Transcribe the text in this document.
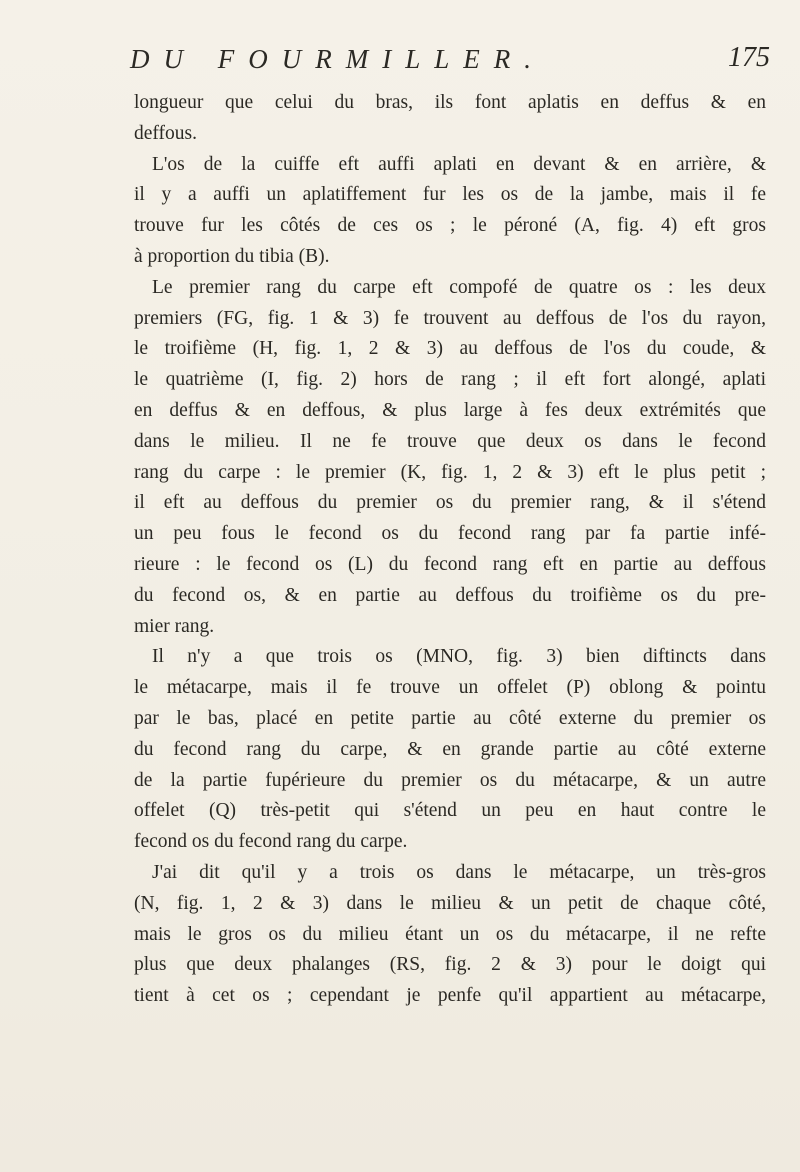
DU FOURMILLER.	175
longueur que celui du bras, ils font aplatis en deffus & en
deffous.
L'os de la cuiffe eft auffi aplati en devant & en arrière, &
il y a auffi un aplatiffement fur les os de la jambe, mais il fe
trouve fur les côtés de ces os ; le péroné (A, fig. 4) eft gros
à proportion du tibia (B).
Le premier rang du carpe eft compofé de quatre os : les deux
premiers (FG, fig. 1 & 3) fe trouvent au deffous de l'os du rayon,
le troifième (H, fig. 1, 2 & 3) au deffous de l'os du coude, &
le quatrième (I, fig. 2) hors de rang ; il eft fort alongé, aplati
en deffus & en deffous, & plus large à fes deux extrémités que
dans le milieu. Il ne fe trouve que deux os dans le fecond
rang du carpe : le premier (K, fig. 1, 2 & 3) eft le plus petit ;
il eft au deffous du premier os du premier rang, & il s'étend
un peu fous le fecond os du fecond rang par fa partie infé-
rieure : le fecond os (L) du fecond rang eft en partie au deffous
du fecond os, & en partie au deffous du troifième os du pre-
mier rang.
Il n'y a que trois os (MNO, fig. 3) bien diftincts dans
le métacarpe, mais il fe trouve un offelet (P) oblong & pointu
par le bas, placé en petite partie au côté externe du premier os
du fecond rang du carpe, & en grande partie au côté externe
de la partie fupérieure du premier os du métacarpe, & un autre
offelet (Q) très-petit qui s'étend un peu en haut contre le
fecond os du fecond rang du carpe.
J'ai dit qu'il y a trois os dans le métacarpe, un très-gros
(N, fig. 1, 2 & 3) dans le milieu & un petit de chaque côté,
mais le gros os du milieu étant un os du métacarpe, il ne refte
plus que deux phalanges (RS, fig. 2 & 3) pour le doigt qui
tient à cet os ; cependant je penfe qu'il appartient au métacarpe,
